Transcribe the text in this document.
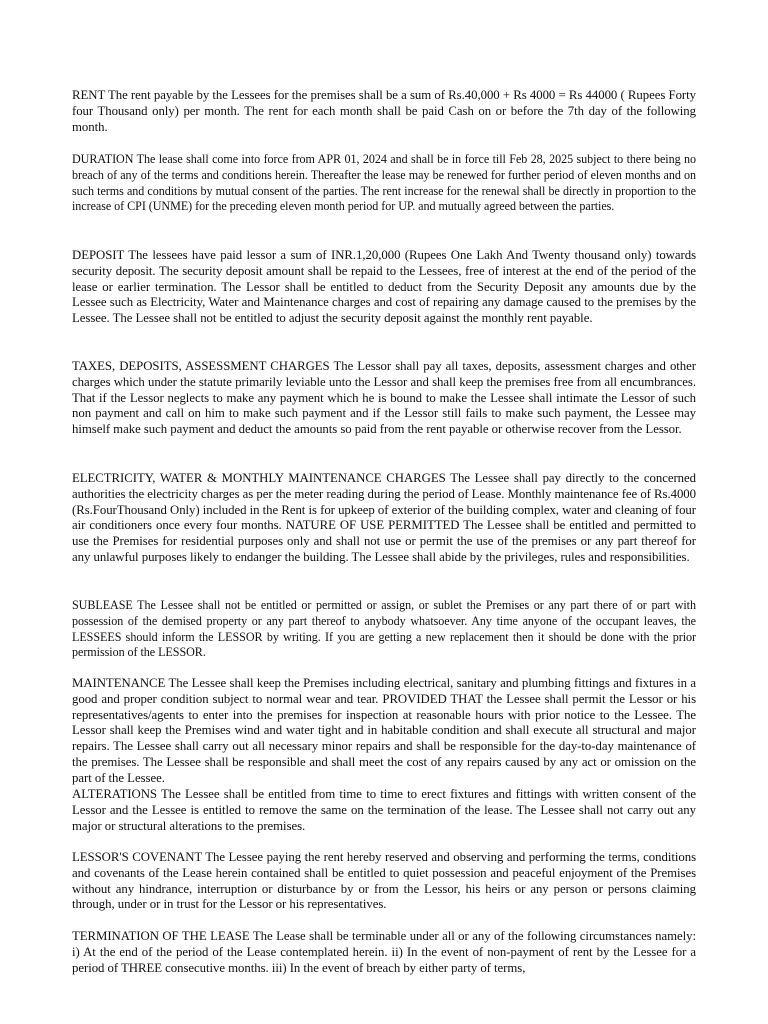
RENT The rent payable by the Lessees for the premises shall be a sum of Rs.40,000 + Rs 4000 = Rs 44000 ( Rupees Forty four Thousand only) per month. The rent for each month shall be paid Cash on or before the 7th day of the following month.

DURATION The lease shall come into force from APR 01, 2024 and shall be in force till Feb 28, 2025 subject to there being no breach of any of the terms and conditions herein. Thereafter the lease may be renewed for further period of eleven months and on such terms and conditions by mutual consent of the parties. The rent increase for the renewal shall be directly in proportion to the increase of CPI (UNME) for the preceding eleven month period for UP. and mutually agreed between the parties.

DEPOSIT The lessees have paid lessor a sum of INR.1,20,000 (Rupees One Lakh And Twenty thousand only) towards security deposit. The security deposit amount shall be repaid to the Lessees, free of interest at the end of the period of the lease or earlier termination. The Lessor shall be entitled to deduct from the Security Deposit any amounts due by the Lessee such as Electricity, Water and Maintenance charges and cost of repairing any damage caused to the premises by the Lessee. The Lessee shall not be entitled to adjust the security deposit against the monthly rent payable.

TAXES, DEPOSITS, ASSESSMENT CHARGES The Lessor shall pay all taxes, deposits, assessment charges and other charges which under the statute primarily leviable unto the Lessor and shall keep the premises free from all encumbrances. That if the Lessor neglects to make any payment which he is bound to make the Lessee shall intimate the Lessor of such non payment and call on him to make such payment and if the Lessor still fails to make such payment, the Lessee may himself make such payment and deduct the amounts so paid from the rent payable or otherwise recover from the Lessor.

ELECTRICITY, WATER & MONTHLY MAINTENANCE CHARGES The Lessee shall pay directly to the concerned authorities the electricity charges as per the meter reading during the period of Lease. Monthly maintenance fee of Rs.4000 (Rs.FourThousand Only) included in the Rent is for upkeep of exterior of the building complex, water and cleaning of four air conditioners once every four months. NATURE OF USE PERMITTED The Lessee shall be entitled and permitted to use the Premises for residential purposes only and shall not use or permit the use of the premises or any part thereof for any unlawful purposes likely to endanger the building. The Lessee shall abide by the privileges, rules and responsibilities.

SUBLEASE The Lessee shall not be entitled or permitted or assign, or sublet the Premises or any part there of or part with possession of the demised property or any part thereof to anybody whatsoever. Any time anyone of the occupant leaves, the LESSEES should inform the LESSOR by writing. If you are getting a new replacement then it should be done with the prior permission of the LESSOR.

MAINTENANCE The Lessee shall keep the Premises including electrical, sanitary and plumbing fittings and fixtures in a good and proper condition subject to normal wear and tear. PROVIDED THAT the Lessee shall permit the Lessor or his representatives/agents to enter into the premises for inspection at reasonable hours with prior notice to the Lessee. The Lessor shall keep the Premises wind and water tight and in habitable condition and shall execute all structural and major repairs. The Lessee shall carry out all necessary minor repairs and shall be responsible for the day-to-day maintenance of the premises. The Lessee shall be responsible and shall meet the cost of any repairs caused by any act or omission on the part of the Lessee.

ALTERATIONS The Lessee shall be entitled from time to time to erect fixtures and fittings with written consent of the Lessor and the Lessee is entitled to remove the same on the termination of the lease. The Lessee shall not carry out any major or structural alterations to the premises.

LESSOR'S COVENANT The Lessee paying the rent hereby reserved and observing and performing the terms, conditions and covenants of the Lease herein contained shall be entitled to quiet possession and peaceful enjoyment of the Premises without any hindrance, interruption or disturbance by or from the Lessor, his heirs or any person or persons claiming through, under or in trust for the Lessor or his representatives.

TERMINATION OF THE LEASE The Lease shall be terminable under all or any of the following circumstances namely: i) At the end of the period of the Lease contemplated herein. ii) In the event of non-payment of rent by the Lessee for a period of THREE consecutive months. iii) In the event of breach by either party of terms,
